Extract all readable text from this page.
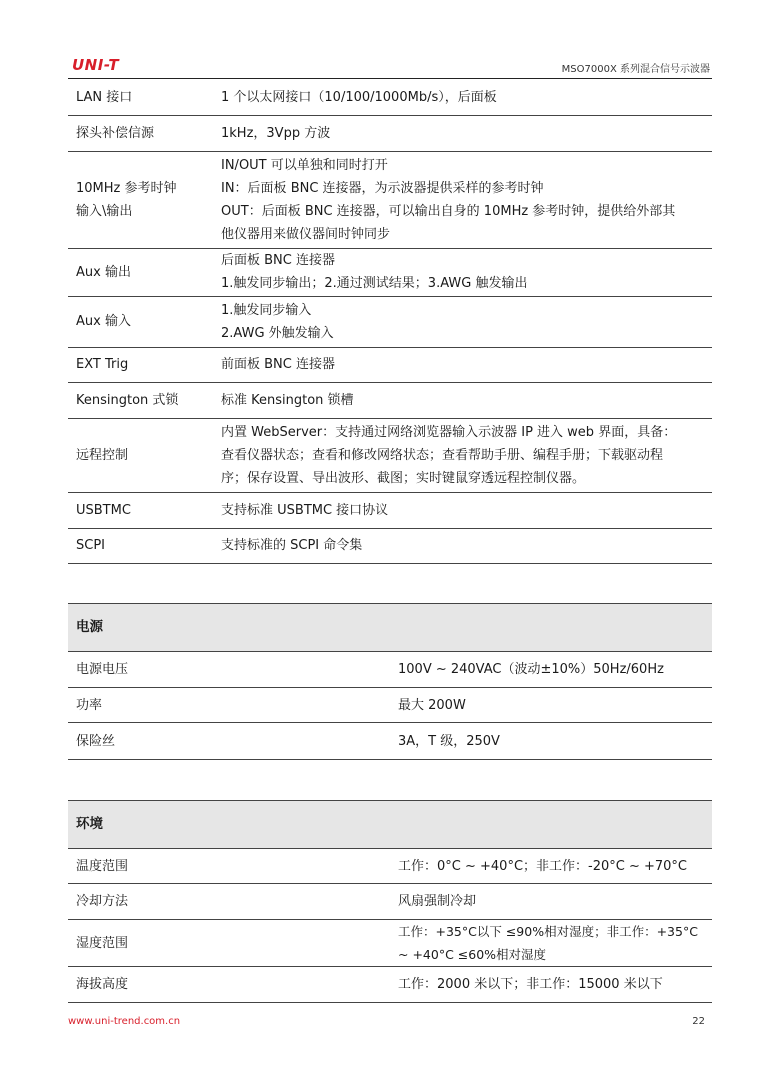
UNI-T	MSO7000X 系列混合信号示波器
LAN 接口	1 个以太网接口（10/100/1000Mb/s），后面板

探头补偿信源	1kHz，3Vpp 方波

10MHz 参考时钟
输入\输出	IN/OUT 可以单独和同时打开
IN：后面板 BNC 连接器，为示波器提供采样的参考时钟
OUT：后面板 BNC 连接器，可以输出自身的 10MHz 参考时钟，提供给外部其
他仪器用来做仪器间时钟同步

Aux 输出	后面板 BNC 连接器
1.触发同步输出；2.通过测试结果；3.AWG 触发输出

Aux 输入	1.触发同步输入
2.AWG 外触发输入

EXT Trig	前面板 BNC 连接器

Kensington 式锁	标准 Kensington 锁槽

远程控制	内置 WebServer：支持通过网络浏览器输入示波器 IP 进入 web 界面，具备：
查看仪器状态；查看和修改网络状态；查看帮助手册、编程手册；下载驱动程
序；保存设置、导出波形、截图；实时键鼠穿透远程控制仪器。

USBTMC	支持标准 USBTMC 接口协议

SCPI	支持标准的 SCPI 命令集
电源	
电源电压	100V ~ 240VAC（波动±10%）50Hz/60Hz
功率	最大 200W
保险丝	3A，T 级，250V
环境	
温度范围	工作：0°C ~ +40°C；非工作：-20°C ~ +70°C
冷却方法	风扇强制冷却
湿度范围	工作：+35°C以下 ≤90%相对湿度；非工作：+35°C ~ +40°C ≤60%相对湿度
海拔高度	工作：2000 米以下；非工作：15000 米以下
www.uni-trend.com.cn	22
